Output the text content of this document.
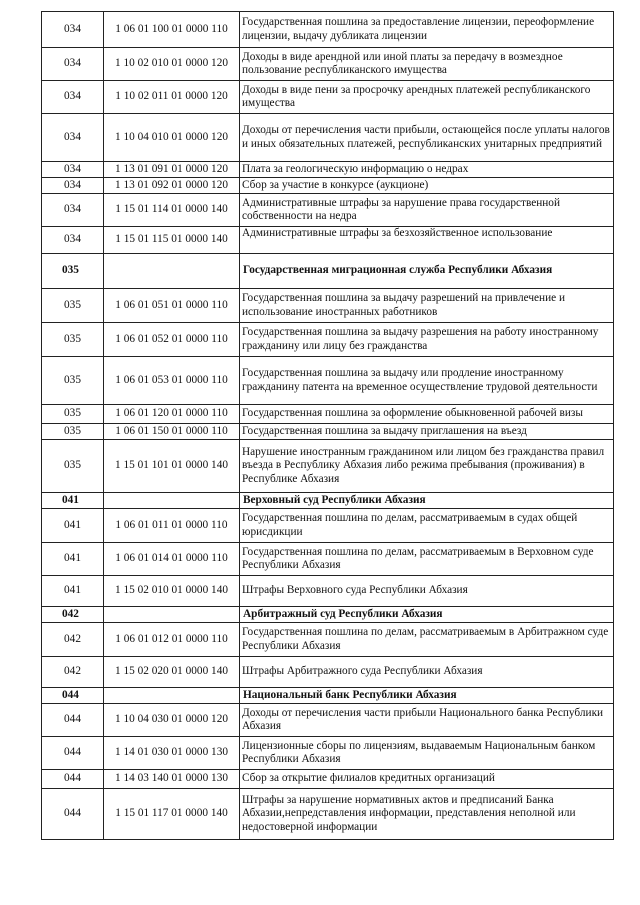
034	1 06 01 100 01 0000 110	Государственная пошлина за предоставление лицензии, переоформление лицензии, выдачу дубликата лицензии
034	1 10 02 010 01 0000 120	Доходы в виде арендной или иной платы за передачу в возмездное пользование республиканского имущества
034	1 10 02 011 01 0000 120	Доходы в виде пени за просрочку арендных платежей республиканского имущества
034	1 10 04 010 01 0000 120	Доходы от перечисления части прибыли, остающейся после уплаты налогов и иных обязательных платежей, республиканских унитарных предприятий
034	1 13 01 091 01 0000 120	Плата за геологическую информацию о недрах
034	1 13 01 092 01 0000 120	Сбор за участие в конкурсе (аукционе)
034	1 15 01 114 01 0000 140	Административные штрафы за нарушение права государственной собственности на недра
034	1 15 01 115 01 0000 140	Административные штрафы за безхозяйственное использование
035		Государственная миграционная служба Республики Абхазия
035	1 06 01 051 01 0000 110	Государственная пошлина за выдачу разрешений на привлечение и использование иностранных работников
035	1 06 01 052 01 0000 110	Государственная пошлина за выдачу разрешения на работу иностранному гражданину или лицу без гражданства
035	1 06 01 053 01 0000 110	Государственная пошлина за выдачу или продление иностранному гражданину патента на временное осуществление трудовой деятельности
035	1 06 01 120 01 0000 110	Государственная пошлина за оформление обыкновенной рабочей визы
035	1 06 01 150 01 0000 110	Государственная пошлина за выдачу приглашения на въезд
035	1 15 01 101 01 0000 140	Нарушение иностранным гражданином или лицом без гражданства правил въезда в Республику Абхазия либо режима пребывания (проживания) в Республике Абхазия
041		Верховный суд Республики Абхазия
041	1 06 01 011 01 0000 110	Государственная пошлина по делам, рассматриваемым в судах общей юрисдикции
041	1 06 01 014 01 0000 110	Государственная пошлина по делам, рассматриваемым в Верховном суде Республики Абхазия
041	1 15 02 010 01 0000 140	Штрафы Верховного суда Республики Абхазия
042		Арбитражный суд Республики Абхазия
042	1 06 01 012 01 0000 110	Государственная пошлина по делам, рассматриваемым в Арбитражном суде Республики Абхазия
042	1 15 02 020 01 0000 140	Штрафы Арбитражного суда Республики Абхазия
044		Национальный банк Республики Абхазия
044	1 10 04 030 01 0000 120	Доходы от перечисления части прибыли Национального банка Республики Абхазия
044	1 14 01 030 01 0000 130	Лицензионные сборы по лицензиям, выдаваемым Национальным банком Республики Абхазия
044	1 14 03 140 01 0000 130	Сбор за открытие филиалов кредитных организаций
044	1 15 01 117 01 0000 140	Штрафы за нарушение нормативных актов и предписаний Банка Абхазии,непредставления информации, представления неполной или недостоверной информации
